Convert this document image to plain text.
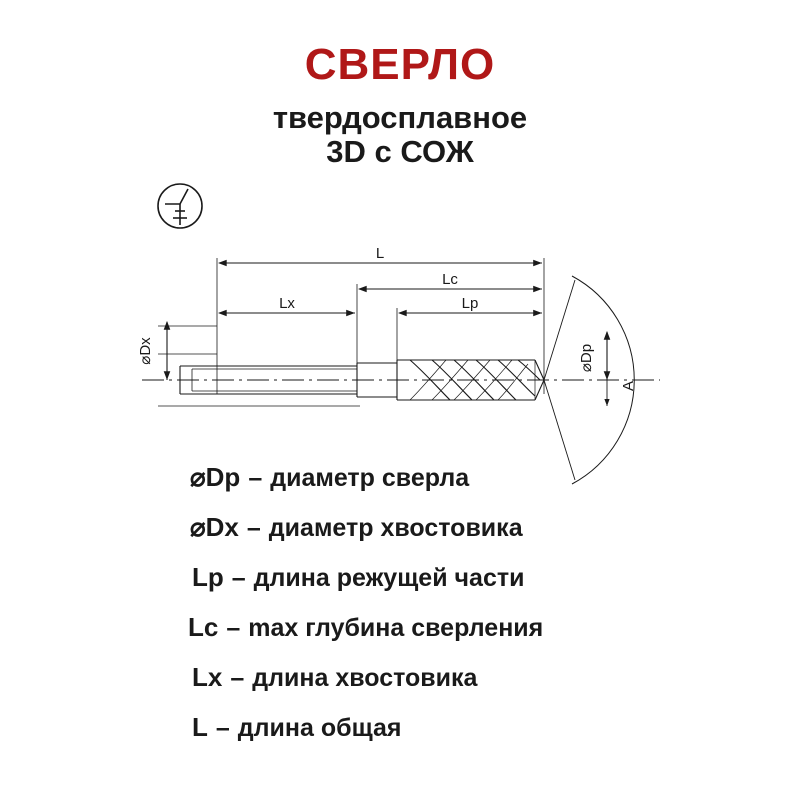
СВЕРЛО
твердосплавное
3D с СОЖ
L
Lc
Lp
Lx
⌀Dx	⌀Dp
A
⌀Dp – диаметр сверла
⌀Dx – диаметр хвостовика
Lp – длина режущей части
Lc – max глубина сверления
Lx – длина хвостовика
L – длина общая
